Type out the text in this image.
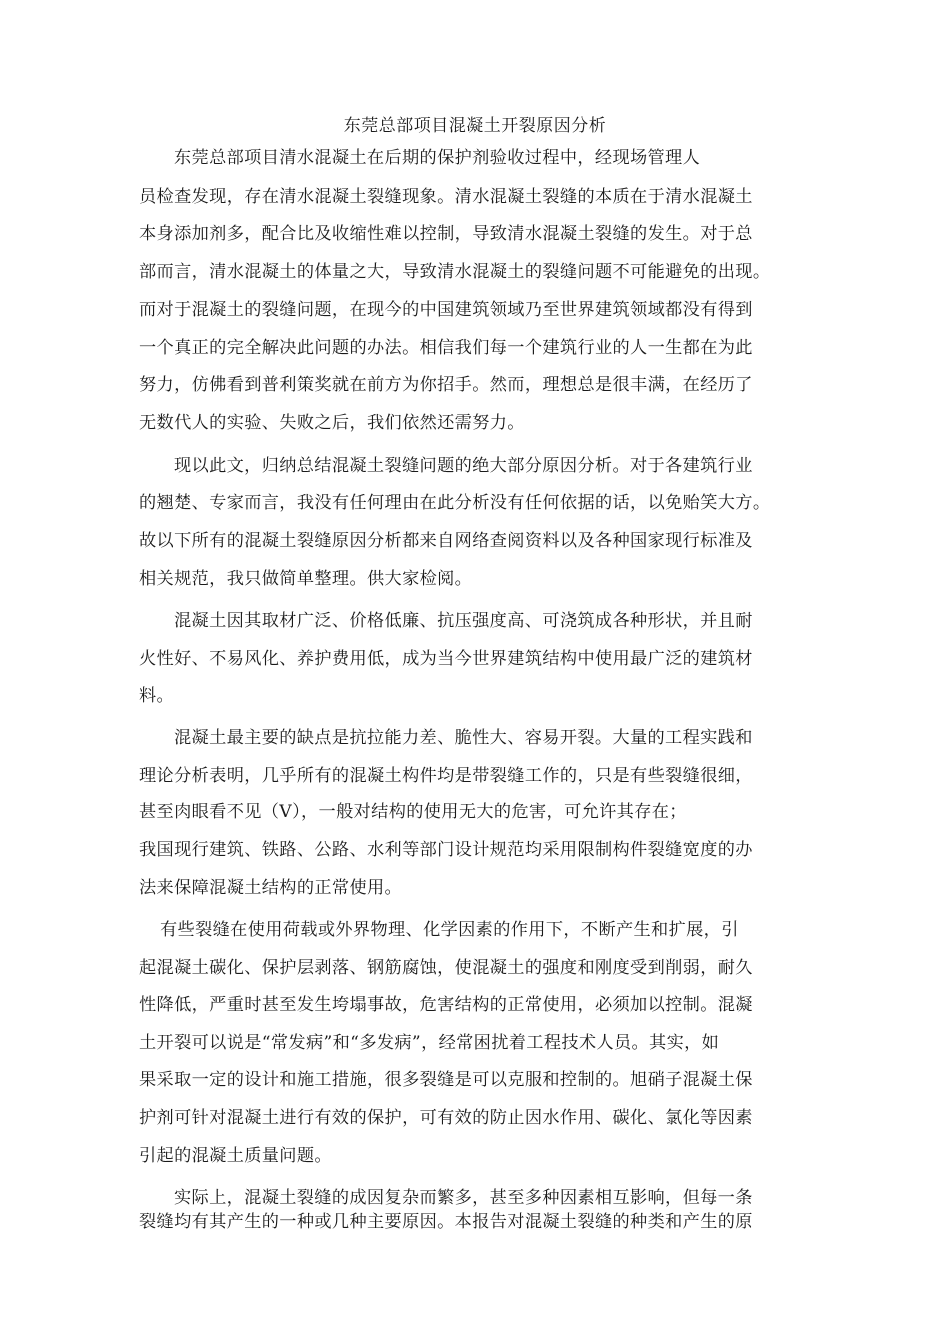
东莞总部项目混凝土开裂原因分析
东莞总部项目清水混凝土在后期的保护剂验收过程中，经现场管理人
员检查发现，存在清水混凝土裂缝现象。清水混凝土裂缝的本质在于清水混凝土
本身添加剂多，配合比及收缩性难以控制，导致清水混凝土裂缝的发生。对于总
部而言，清水混凝土的体量之大，导致清水混凝土的裂缝问题不可能避免的出现。
而对于混凝土的裂缝问题，在现今的中国建筑领域乃至世界建筑领域都没有得到
一个真正的完全解决此问题的办法。相信我们每一个建筑行业的人一生都在为此
努力，仿佛看到普利策奖就在前方为你招手。然而，理想总是很丰满，在经历了
无数代人的实验、失败之后，我们依然还需努力。
现以此文，归纳总结混凝土裂缝问题的绝大部分原因分析。对于各建筑行业
的翘楚、专家而言，我没有任何理由在此分析没有任何依据的话，以免贻笑大方。
故以下所有的混凝土裂缝原因分析都来自网络查阅资料以及各种国家现行标准及
相关规范，我只做简单整理。供大家检阅。
混凝土因其取材广泛、价格低廉、抗压强度高、可浇筑成各种形状，并且耐
火性好、不易风化、养护费用低，成为当今世界建筑结构中使用最广泛的建筑材
料。
混凝土最主要的缺点是抗拉能力差、脆性大、容易开裂。大量的工程实践和
理论分析表明，几乎所有的混凝土构件均是带裂缝工作的，只是有些裂缝很细，
甚至肉眼看不见（V），一般对结构的使用无大的危害，可允许其存在；
我国现行建筑、铁路、公路、水利等部门设计规范均采用限制构件裂缝宽度的办
法来保障混凝土结构的正常使用。
有些裂缝在使用荷载或外界物理、化学因素的作用下，不断产生和扩展，引
起混凝土碳化、保护层剥落、钢筋腐蚀，使混凝土的强度和刚度受到削弱，耐久
性降低，严重时甚至发生垮塌事故，危害结构的正常使用，必须加以控制。混凝
土开裂可以说是“常发病”和“多发病”，经常困扰着工程技术人员。其实，如
果采取一定的设计和施工措施，很多裂缝是可以克服和控制的。旭硝子混凝土保
护剂可针对混凝土进行有效的保护，可有效的防止因水作用、碳化、氯化等因素
引起的混凝土质量问题。
实际上，混凝土裂缝的成因复杂而繁多，甚至多种因素相互影响，但每一条
裂缝均有其产生的一种或几种主要原因。本报告对混凝土裂缝的种类和产生的原
